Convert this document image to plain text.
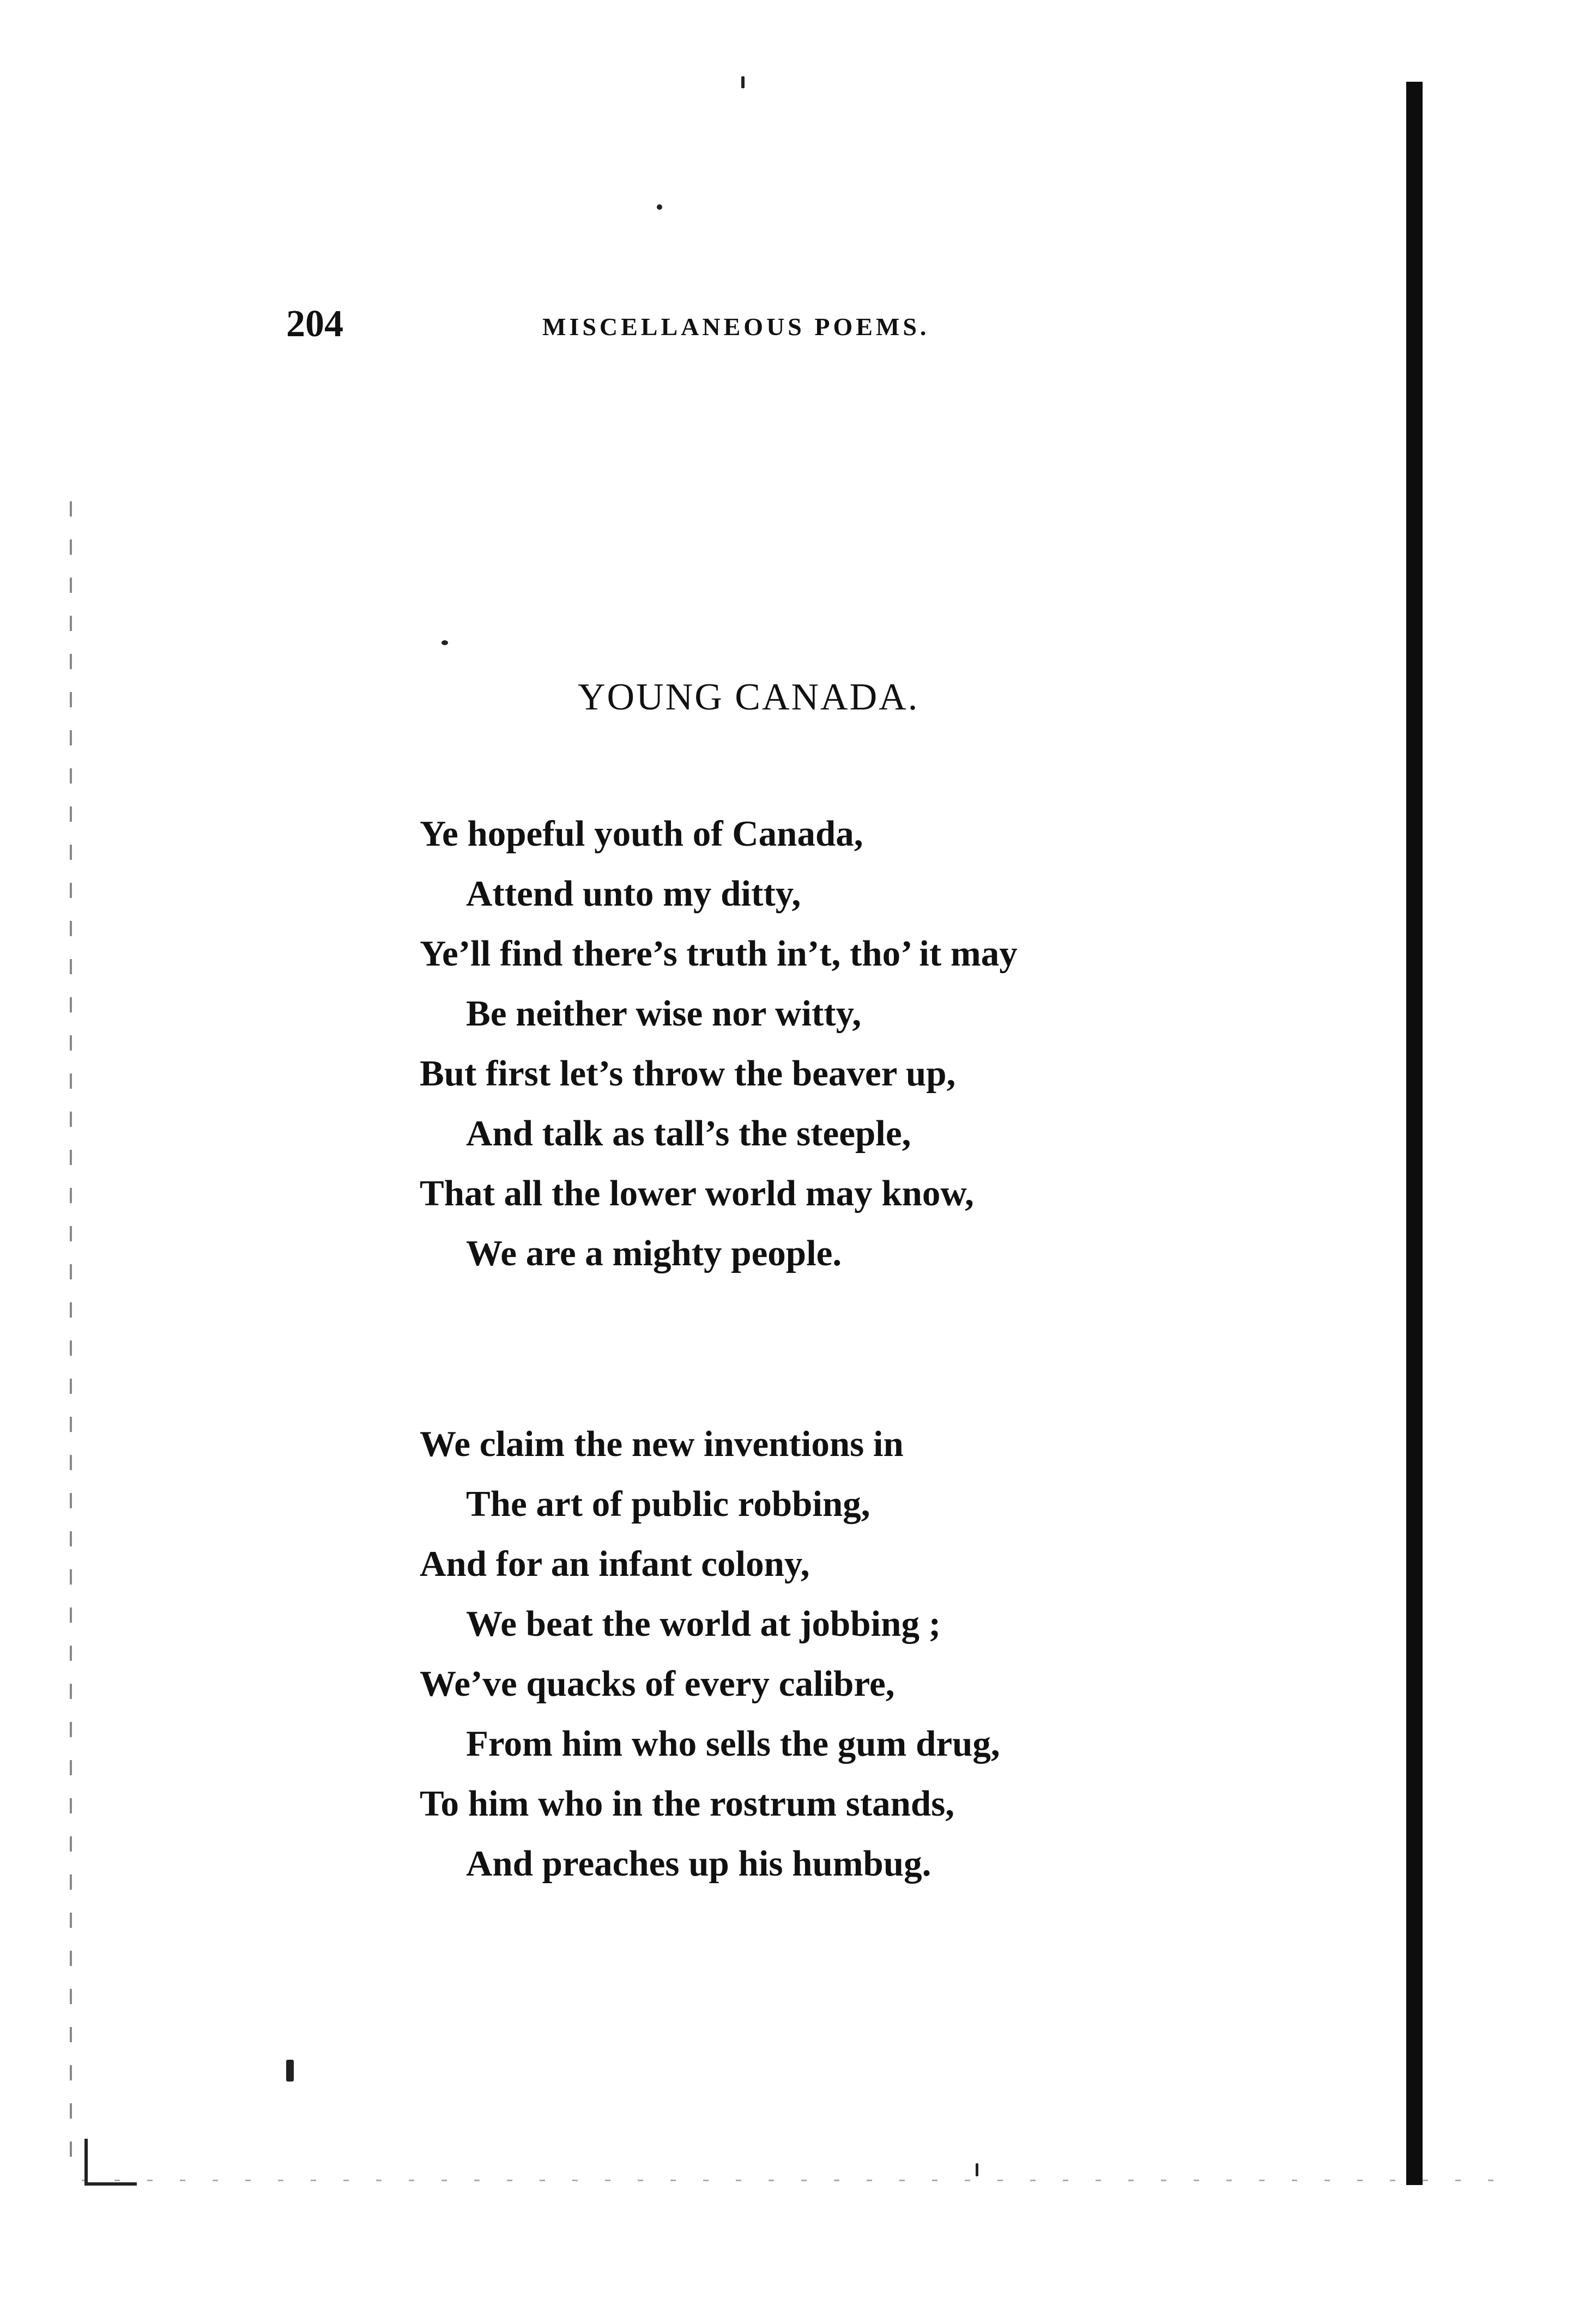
204	MISCELLANEOUS POEMS.
YOUNG CANADA.
Ye hopeful youth of Canada,
Attend unto my ditty,
Ye’ll find there’s truth in’t, tho’ it may
Be neither wise nor witty,
But first let’s throw the beaver up,
And talk as tall’s the steeple,
That all the lower world may know,
We are a mighty people.
We claim the new inventions in
The art of public robbing,
And for an infant colony,
We beat the world at jobbing ;
We’ve quacks of every calibre,
From him who sells the gum drug,
To him who in the rostrum stands,
And preaches up his humbug.
